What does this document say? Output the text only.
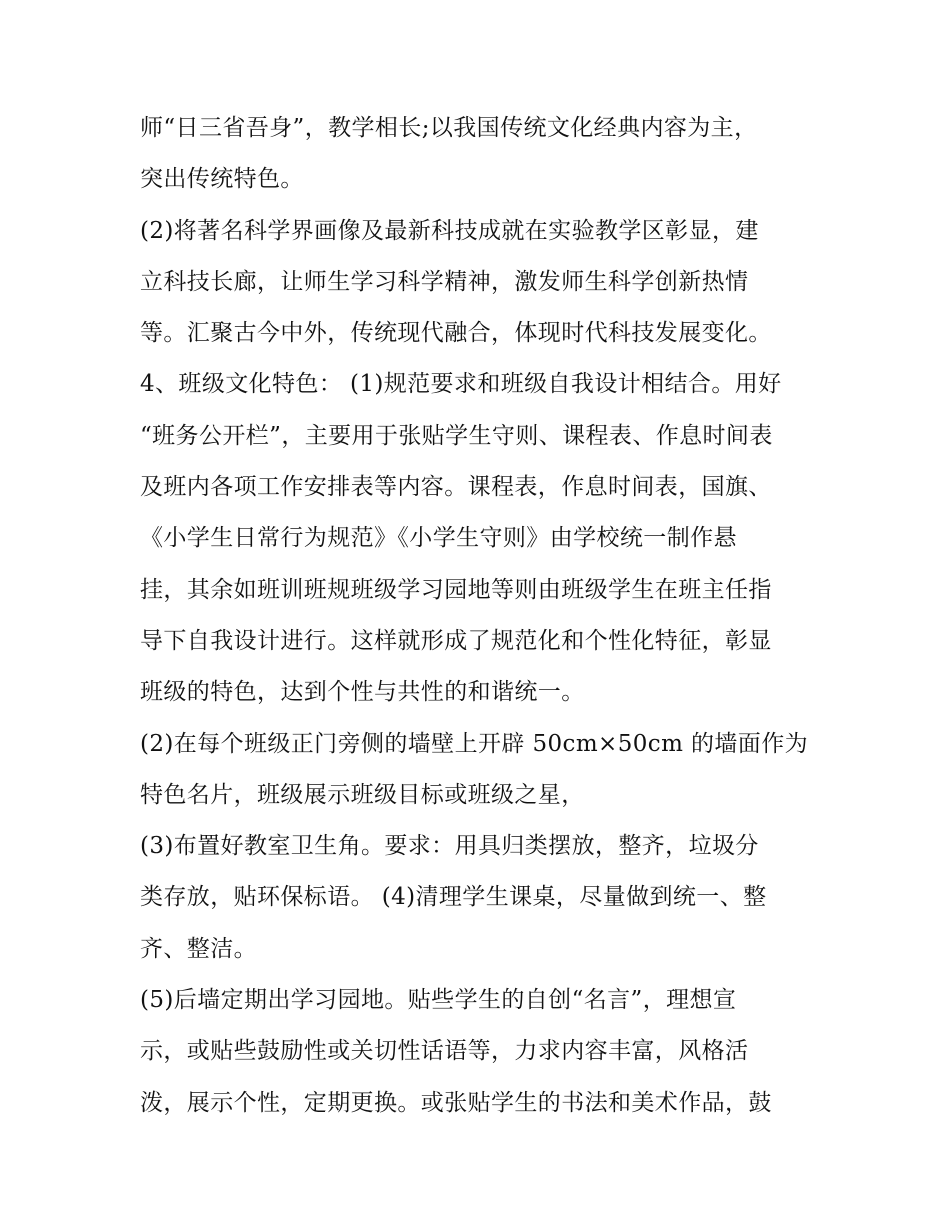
师“日三省吾身”，教学相长;以我国传统文化经典内容为主，
突出传统特色。
(2)将著名科学界画像及最新科技成就在实验教学区彰显，建
立科技长廊，让师生学习科学精神，激发师生科学创新热情
等。汇聚古今中外，传统现代融合，体现时代科技发展变化。
4、班级文化特色： (1)规范要求和班级自我设计相结合。用好
“班务公开栏”，主要用于张贴学生守则、课程表、作息时间表
及班内各项工作安排表等内容。课程表，作息时间表，国旗、
《小学生日常行为规范》《小学生守则》由学校统一制作悬
挂，其余如班训班规班级学习园地等则由班级学生在班主任指
导下自我设计进行。这样就形成了规范化和个性化特征，彰显
班级的特色，达到个性与共性的和谐统一。
(2)在每个班级正门旁侧的墙壁上开辟 50cm×50cm 的墙面作为
特色名片，班级展示班级目标或班级之星，
(3)布置好教室卫生角。要求：用具归类摆放，整齐，垃圾分
类存放，贴环保标语。 (4)清理学生课桌，尽量做到统一、整
齐、整洁。
(5)后墙定期出学习园地。贴些学生的自创“名言”，理想宣
示，或贴些鼓励性或关切性话语等，力求内容丰富，风格活
泼，展示个性，定期更换。或张贴学生的书法和美术作品，鼓
